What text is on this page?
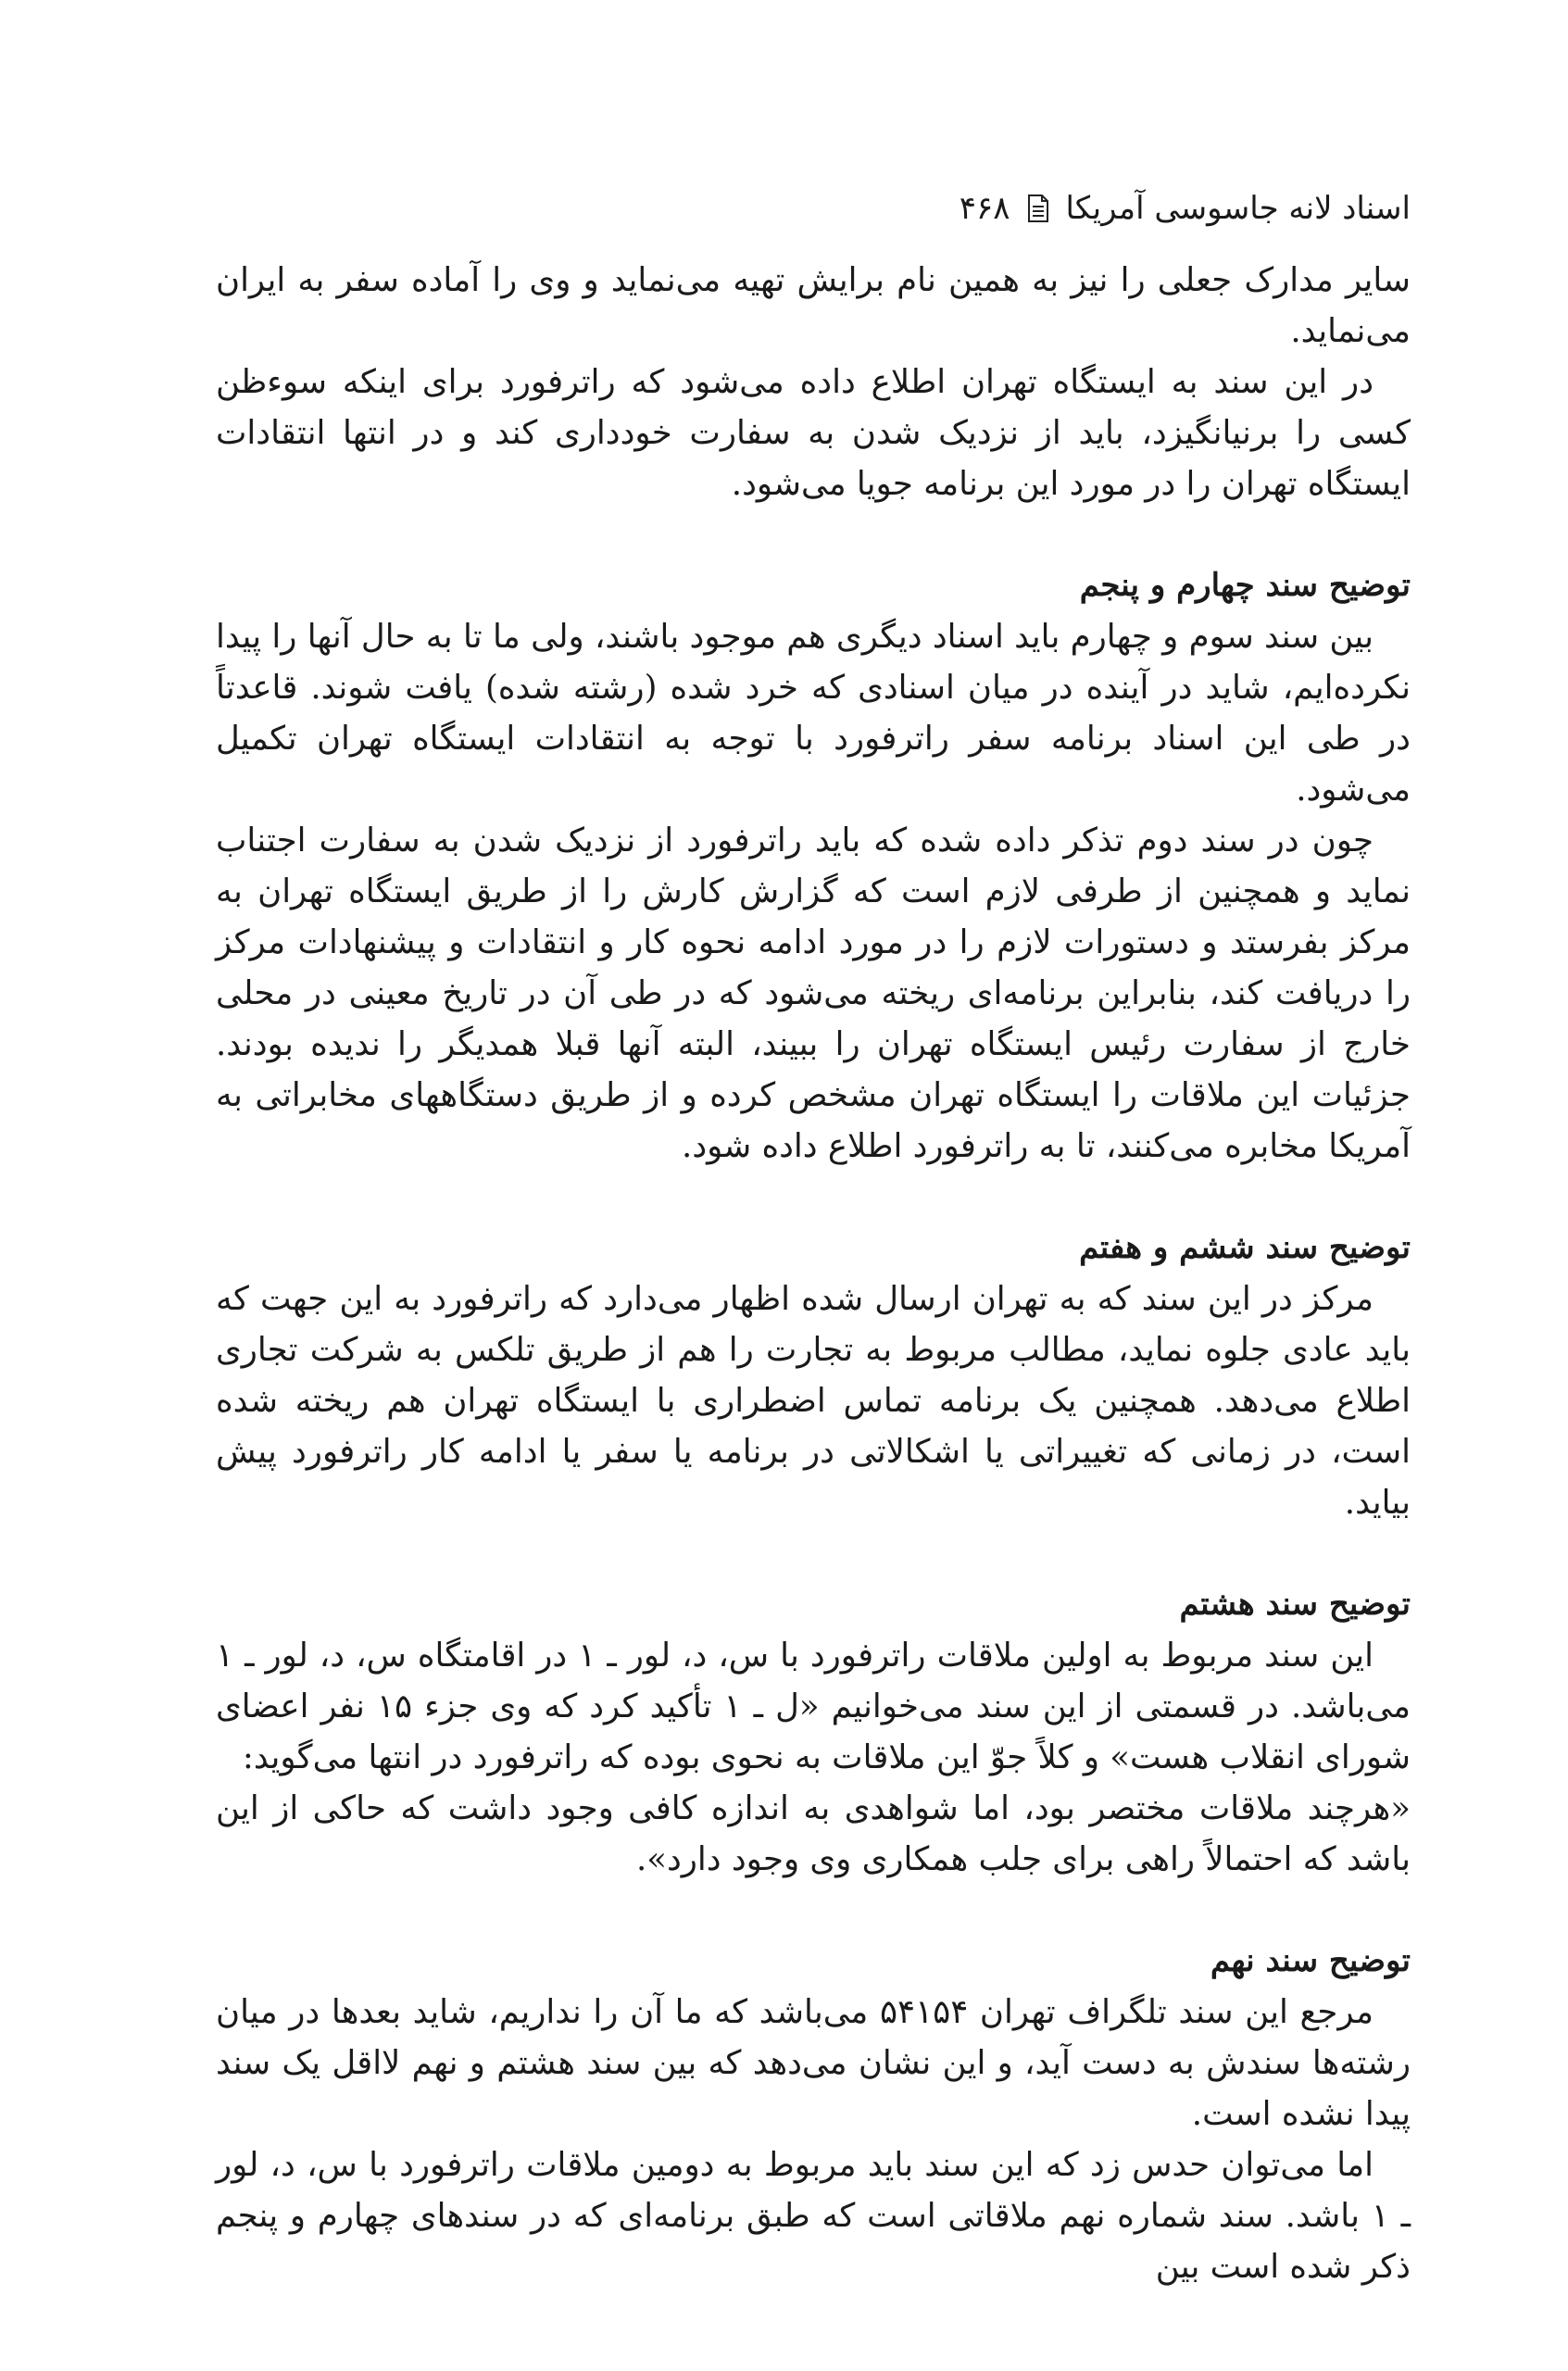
اسناد لانه جاسوسی آمریکا
۴۶۸

سایر مدارک جعلی را نیز به همین نام برایش تهیه می‌نماید و وی را آماده سفر به ایران می‌نماید.

در این سند به ایستگاه تهران اطلاع داده می‌شود که راترفورد برای اینکه سوءظن کسی را برنیانگیزد، باید از نزدیک شدن به سفارت خودداری کند و در انتها انتقادات ایستگاه تهران را در مورد این برنامه جویا می‌شود.

توضیح سند چهارم و پنجم

بین سند سوم و چهارم باید اسناد دیگری هم موجود باشند، ولی ما تا به حال آنها را پیدا نکرده‌ایم، شاید در آینده در میان اسنادی که خرد شده (رشته شده) یافت شوند. قاعدتاً در طی این اسناد برنامه سفر راترفورد با توجه به انتقادات ایستگاه تهران تکمیل می‌شود.

چون در سند دوم تذکر داده شده که باید راترفورد از نزدیک شدن به سفارت اجتناب نماید و همچنین از طرفی لازم است که گزارش کارش را از طریق ایستگاه تهران به مرکز بفرستد و دستورات لازم را در مورد ادامه نحوه کار و انتقادات و پیشنهادات مرکز را دریافت کند، بنابراین برنامه‌ای ریخته می‌شود که در طی آن در تاریخ معینی در محلی خارج از سفارت رئیس ایستگاه تهران را ببیند، البته آنها قبلا همدیگر را ندیده بودند. جزئیات این ملاقات را ایستگاه تهران مشخص کرده و از طریق دستگاههای مخابراتی به آمریکا مخابره می‌کنند، تا به راترفورد اطلاع داده شود.

توضیح سند ششم و هفتم

مرکز در این سند که به تهران ارسال شده اظهار می‌دارد که راترفورد به این جهت که باید عادی جلوه نماید، مطالب مربوط به تجارت را هم از طریق تلکس به شرکت تجاری اطلاع می‌دهد. همچنین یک برنامه تماس اضطراری با ایستگاه تهران هم ریخته شده است، در زمانی که تغییراتی یا اشکالاتی در برنامه یا سفر یا ادامه کار راترفورد پیش بیاید.

توضیح سند هشتم

این سند مربوط به اولین ملاقات راترفورد با س، د، لور ـ ۱ در اقامتگاه س، د، لور ـ ۱ می‌باشد. در قسمتی از این سند می‌خوانیم «ل ـ ۱ تأکید کرد که وی جزء ۱۵ نفر اعضای شورای انقلاب هست» و کلاً جوّ این ملاقات به نحوی بوده که راترفورد در انتها می‌گوید:

«هرچند ملاقات مختصر بود، اما شواهدی به اندازه کافی وجود داشت که حاکی از این باشد که احتمالاً راهی برای جلب همکاری وی وجود دارد».

توضیح سند نهم

مرجع این سند تلگراف تهران ۵۴۱۵۴ می‌باشد که ما آن را نداریم، شاید بعدها در میان رشته‌ها سندش به دست آید، و این نشان می‌دهد که بین سند هشتم و نهم لااقل یک سند پیدا نشده است.

اما می‌توان حدس زد که این سند باید مربوط به دومین ملاقات راترفورد با س، د، لور ـ ۱ باشد. سند شماره نهم ملاقاتی است که طبق برنامه‌ای که در سندهای چهارم و پنجم ذکر شده است بین
